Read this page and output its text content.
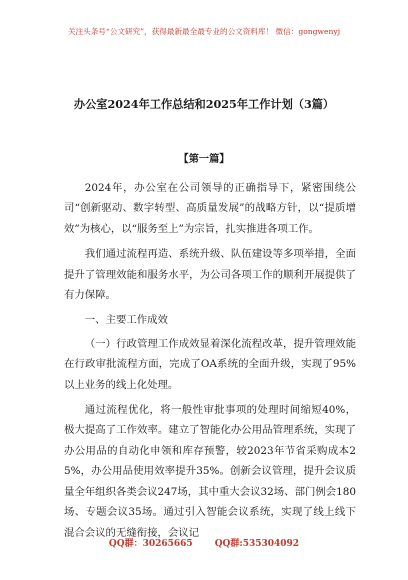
关注头条号“公文研究”，获得最新最全最专业的公文资料库！ 微信：gongwenyj
办公室2024年工作总结和2025年工作计划（3篇）
【第一篇】

2024年，办公室在公司领导的正确指导下，紧密围绕公司“创新驱动、数字转型、高质量发展”的战略方针，以“提质增效”为核心，以“服务至上”为宗旨，扎实推进各项工作。

我们通过流程再造、系统升级、队伍建设等多项举措，全面提升了管理效能和服务水平，为公司各项工作的顺利开展提供了有力保障。

一、主要工作成效

（一）行政管理工作成效显着深化流程改革，提升管理效能在行政审批流程方面，完成了OA系统的全面升级，实现了95%以上业务的线上化处理。

通过流程优化，将一般性审批事项的处理时间缩短40%，极大提高了工作效率。建立了智能化办公用品管理系统，实现了办公用品的自动化申领和库存预警，较2023年节省采购成本25%，办公用品使用效率提升35%。创新会议管理，提升会议质量全年组织各类会议247场，其中重大会议32场、部门例会180场、专题会议35场。通过引入智能会议系统，实现了线上线下混合会议的无缝衔接，会议记

QQ群：30265665 QQ群:535304092
